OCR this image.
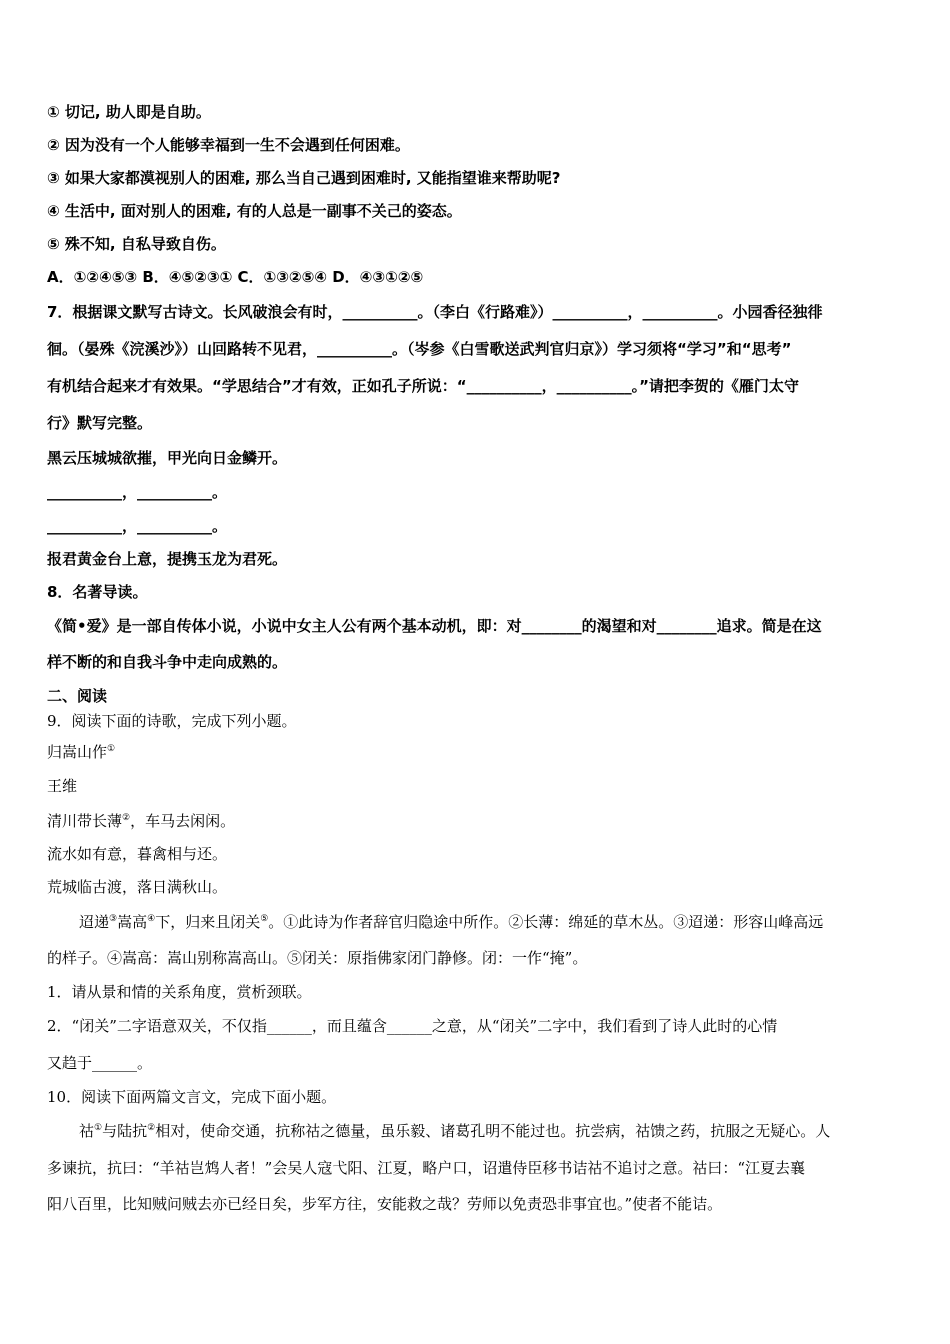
① 切记, 助人即是自助。
② 因为没有一个人能够幸福到一生不会遇到任何困难。
③ 如果大家都漠视别人的困难, 那么当自己遇到困难时, 又能指望谁来帮助呢?
④ 生活中, 面对别人的困难, 有的人总是一副事不关己的姿态。
⑤ 殊不知, 自私导致自伤。
A．①②④⑤③ B．④⑤②③① C．①③②⑤④ D．④③①②⑤
7．根据课文默写古诗文。长风破浪会有时，__________。（李白《行路难》）__________，__________。小园香径独徘
徊。（晏殊《浣溪沙》）山回路转不见君，__________。（岑参《白雪歌送武判官归京》）学习须将“学习”和“思考”
有机结合起来才有效果。“学思结合”才有效，正如孔子所说：“__________，__________。”请把李贺的《雁门太守
行》默写完整。
黑云压城城欲摧，甲光向日金鳞开。
__________，__________。
__________，__________。
报君黄金台上意，提携玉龙为君死。
8．名著导读。
《简•爱》是一部自传体小说，小说中女主人公有两个基本动机，即：对________的渴望和对________追求。简是在这
样不断的和自我斗争中走向成熟的。
二、阅读
9．阅读下面的诗歌，完成下列小题。
归嵩山作①
王维
清川带长薄②，车马去闲闲。
流水如有意，暮禽相与还。
荒城临古渡，落日满秋山。
迢递③嵩高④下，归来且闭关⑤。①此诗为作者辞官归隐途中所作。②长薄：绵延的草木丛。③迢递：形容山峰高远
的样子。④嵩高：嵩山别称嵩高山。⑤闭关：原指佛家闭门静修。闭：一作“掩”。
1．请从景和情的关系角度，赏析颈联。
2．“闭关”二字语意双关，不仅指______，而且蕴含______之意，从“闭关”二字中，我们看到了诗人此时的心情
又趋于______。
10．阅读下面两篇文言文，完成下面小题。
祜①与陆抗②相对，使命交通，抗称祜之德量，虽乐毅、诸葛孔明不能过也。抗尝病，祜馈之药，抗服之无疑心。人
多谏抗，抗曰：“羊祜岂鸩人者！”会吴人寇弋阳、江夏，略户口，诏遣侍臣移书诘祜不追讨之意。祜曰：“江夏去襄
阳八百里，比知贼问贼去亦已经日矣，步军方往，安能救之哉？劳师以免责恐非事宜也。”使者不能诘。
